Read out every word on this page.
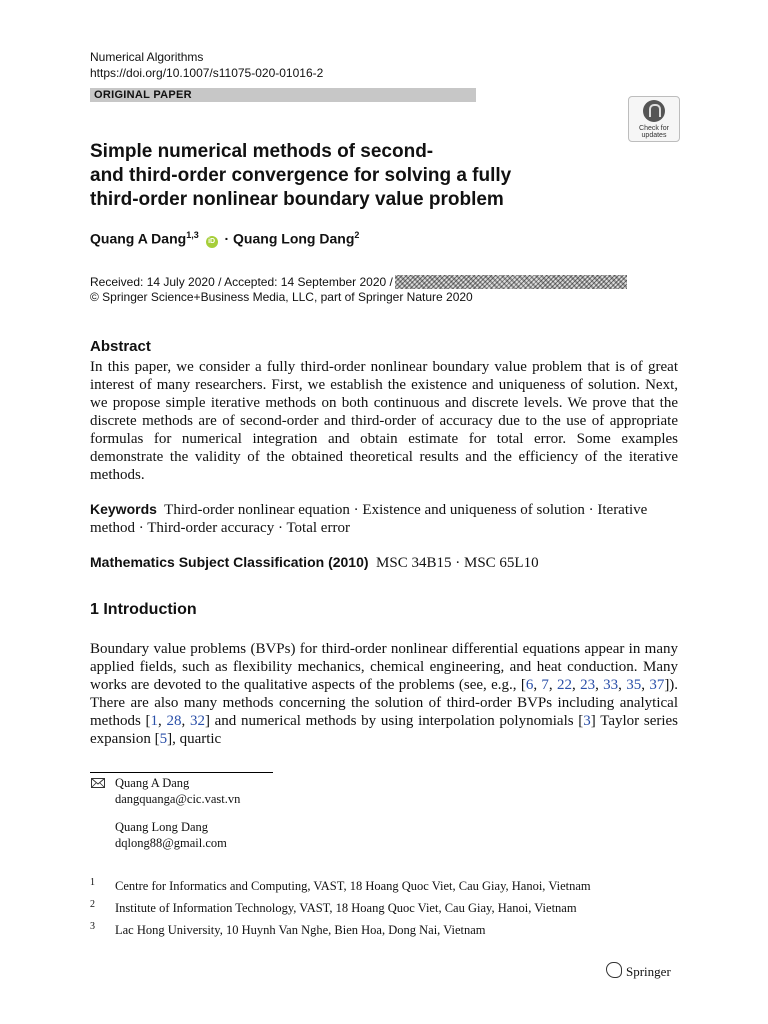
Numerical Algorithms
https://doi.org/10.1007/s11075-020-01016-2
ORIGINAL PAPER
Check for
updates
Simple numerical methods of second-
and third-order convergence for solving a fully
third-order nonlinear boundary value problem
Quang A Dang$^{1,3}$ iD · Quang Long Dang$^2$
Received: 14 July 2020 / Accepted: 14 September 2020 /
© Springer Science+Business Media, LLC, part of Springer Nature 2020
Abstract
In this paper, we consider a fully third-order nonlinear boundary value problem that is of great interest of many researchers. First, we establish the existence and uniqueness of solution. Next, we propose simple iterative methods on both continuous and discrete levels. We prove that the discrete methods are of second-order and third-order of accuracy due to the use of appropriate formulas for numerical integration and obtain estimate for total error. Some examples demonstrate the validity of the obtained theoretical results and the efficiency of the iterative methods.
Keywords Third-order nonlinear equation · Existence and uniqueness of solution · Iterative method · Third-order accuracy · Total error
Mathematics Subject Classification (2010) MSC 34B15 · MSC 65L10
1 Introduction
Boundary value problems (BVPs) for third-order nonlinear differential equations appear in many applied fields, such as flexibility mechanics, chemical engineering, and heat conduction. Many works are devoted to the qualitative aspects of the problems (see, e.g., [6, 7, 22, 23, 33, 35, 37]). There are also many methods concerning the solution of third-order BVPs including analytical methods [1, 28, 32] and numerical methods by using interpolation polynomials [3] Taylor series expansion [5], quartic
Quang A Dang
dangquanga@cic.vast.vn
Quang Long Dang
dqlong88@gmail.com
1 Centre for Informatics and Computing, VAST, 18 Hoang Quoc Viet, Cau Giay, Hanoi, Vietnam
2 Institute of Information Technology, VAST, 18 Hoang Quoc Viet, Cau Giay, Hanoi, Vietnam
3 Lac Hong University, 10 Huynh Van Nghe, Bien Hoa, Dong Nai, Vietnam
Springer
